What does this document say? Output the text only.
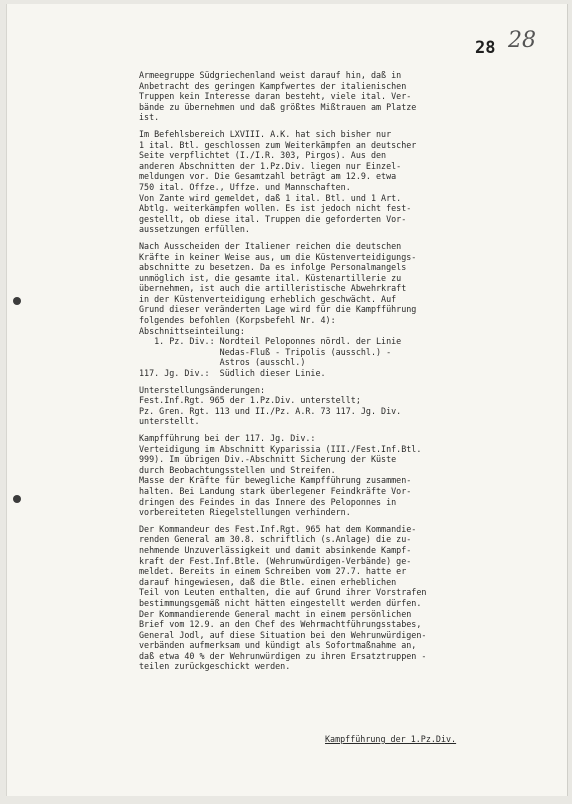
28 28
Armeegruppe Südgriechenland weist darauf hin, daß in
Anbetracht des geringen Kampfwertes der italienischen
Truppen kein Interesse daran besteht, viele ital. Ver-
bände zu übernehmen und daß größtes Mißtrauen am Platze
ist.
Im Befehlsbereich LXVIII. A.K. hat sich bisher nur
1 ital. Btl. geschlossen zum Weiterkämpfen an deutscher
Seite verpflichtet (I./I.R. 303, Pirgos). Aus den
anderen Abschnitten der 1.Pz.Div. liegen nur Einzel-
meldungen vor. Die Gesamtzahl beträgt am 12.9. etwa
750 ital. Offze., Uffze. und Mannschaften.
Von Zante wird gemeldet, daß 1 ital. Btl. und 1 Art.
Abtlg. weiterkämpfen wollen. Es ist jedoch nicht fest-
gestellt, ob diese ital. Truppen die geforderten Vor-
aussetzungen erfüllen.
Nach Ausscheiden der Italiener reichen die deutschen
Kräfte in keiner Weise aus, um die Küstenverteidigungs-
abschnitte zu besetzen. Da es infolge Personalmangels
unmöglich ist, die gesamte ital. Küstenartillerie zu
übernehmen, ist auch die artilleristische Abwehrkraft
in der Küstenverteidigung erheblich geschwächt. Auf
Grund dieser veränderten Lage wird für die Kampfführung
folgendes befohlen (Korpsbefehl Nr. 4):
Abschnittseinteilung:
1. Pz. Div.: Nordteil Peloponnes nördl. der Linie
Nedas-Fluß - Tripolis (ausschl.) -
Astros (ausschl.)
117. Jg. Div.:  Südlich dieser Linie.
Unterstellungsänderungen:
Fest.Inf.Rgt. 965 der 1.Pz.Div. unterstellt;
Pz. Gren. Rgt. 113 und II./Pz. A.R. 73 117. Jg. Div.
unterstellt.
Kampfführung bei der 117. Jg. Div.:
Verteidigung im Abschnitt Kyparissia (III./Fest.Inf.Btl.
999). Im übrigen Div.-Abschnitt Sicherung der Küste
durch Beobachtungsstellen und Streifen.
Masse der Kräfte für bewegliche Kampfführung zusammen-
halten. Bei Landung stark überlegener Feindkräfte Vor-
dringen des Feindes in das Innere des Peloponnes in
vorbereiteten Riegelstellungen verhindern.
Der Kommandeur des Fest.Inf.Rgt. 965 hat dem Kommandie-
renden General am 30.8. schriftlich (s.Anlage) die zu-
nehmende Unzuverlässigkeit und damit absinkende Kampf-
kraft der Fest.Inf.Btle. (Wehrunwürdigen-Verbände) ge-
meldet. Bereits in einem Schreiben vom 27.7. hatte er
darauf hingewiesen, daß die Btle. einen erheblichen
Teil von Leuten enthalten, die auf Grund ihrer Vorstrafen
bestimmungsgemäß nicht hätten eingestellt werden dürfen.
Der Kommandierende General macht in einem persönlichen
Brief vom 12.9. an den Chef des Wehrmachtführungsstabes,
General Jodl, auf diese Situation bei den Wehrunwürdigen-
verbänden aufmerksam und kündigt als Sofortmaßnahme an,
daß etwa 40 % der Wehrunwürdigen zu ihren Ersatztruppen -
teilen zurückgeschickt werden.
Kampfführung der 1.Pz.Div.
